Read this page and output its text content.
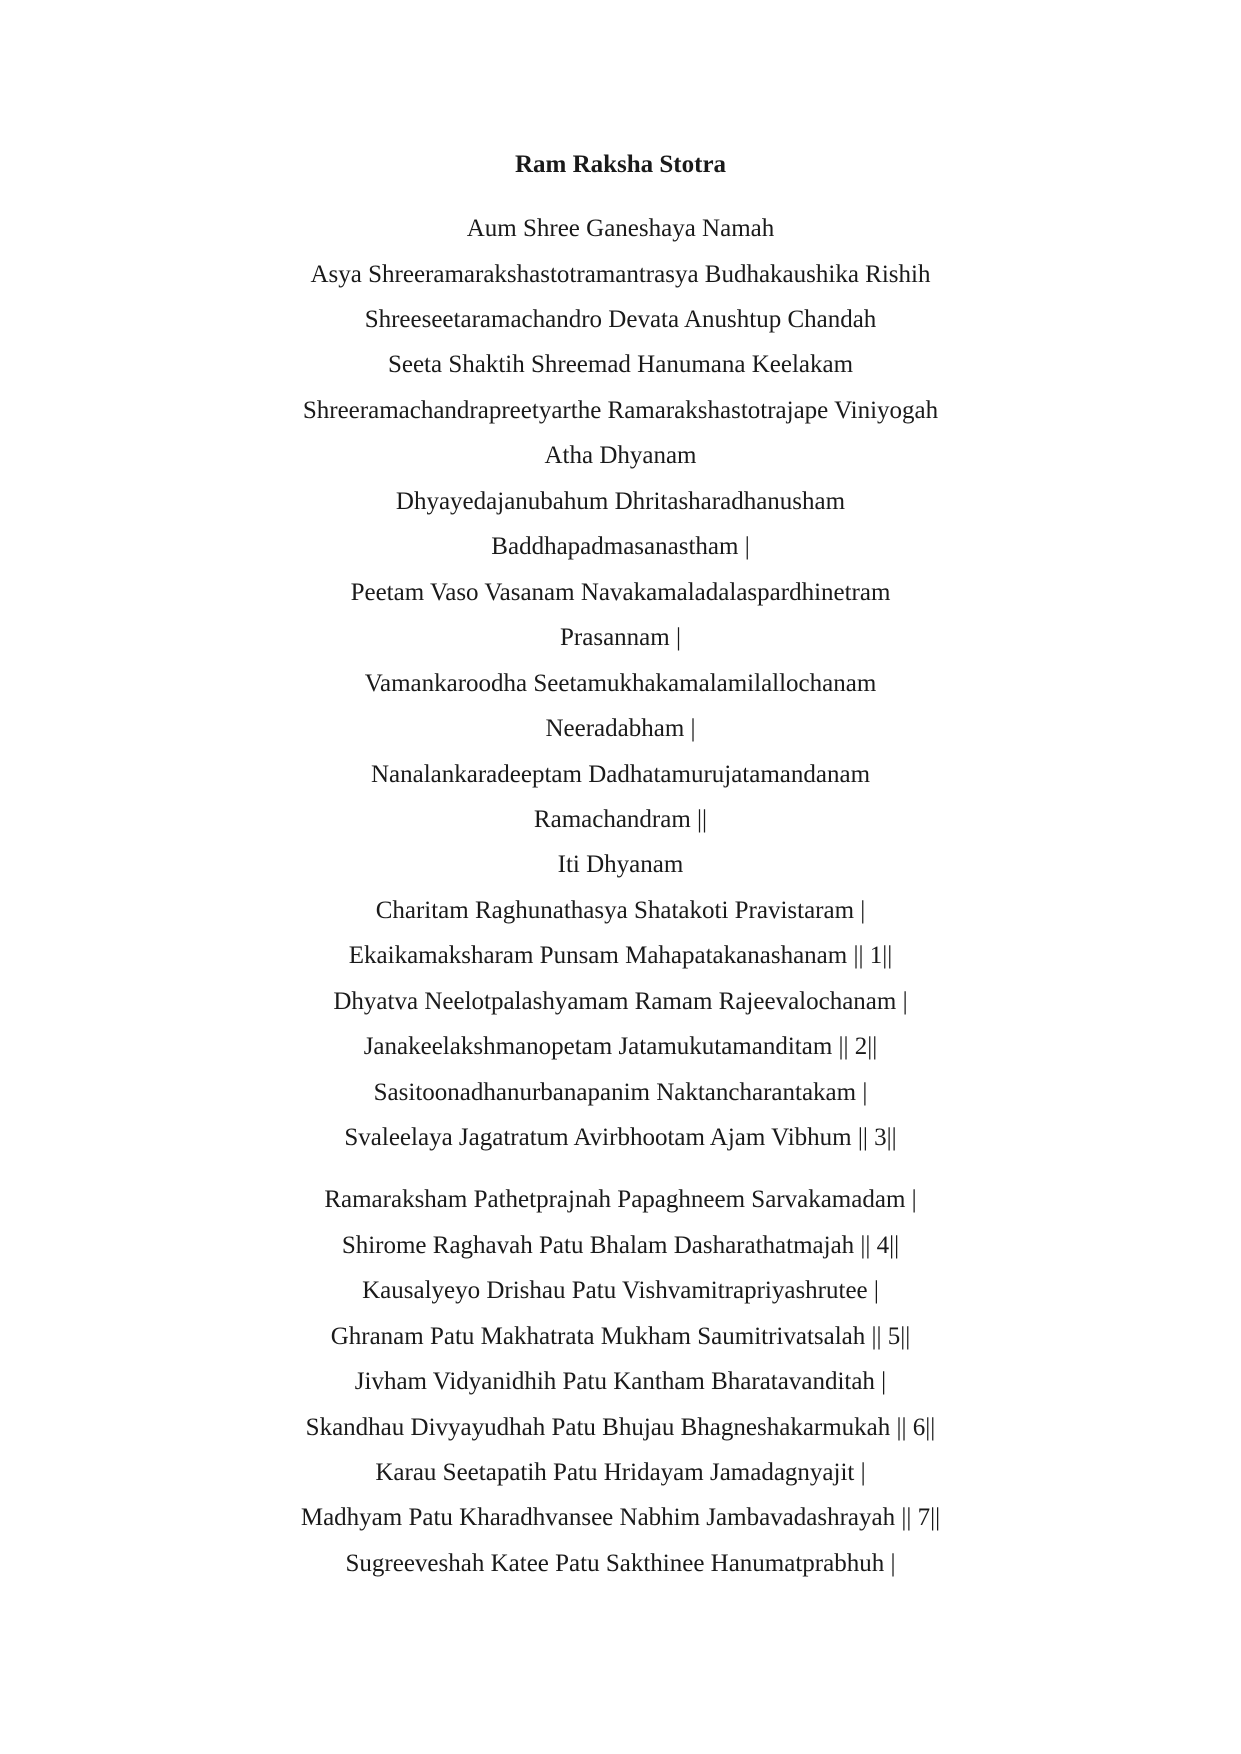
Ram Raksha Stotra
Aum Shree Ganeshaya Namah
Asya Shreeramarakshastotramantrasya Budhakaushika Rishih
Shreeseetaramachandro Devata Anushtup Chandah
Seeta Shaktih Shreemad Hanumana Keelakam
Shreeramachandrapreetyarthe Ramarakshastotrajape Viniyogah
Atha Dhyanam
Dhyayedajanubahum Dhritasharadhanusham
Baddhapadmasanastham |
Peetam Vaso Vasanam Navakamaladalaspardhinetram
Prasannam |
Vamankaroodha Seetamukhakamalamilallochanam
Neeradabham |
Nanalankaradeeptam Dadhatamurujatamandanam
Ramachandram ||
Iti Dhyanam
Charitam Raghunathasya Shatakoti Pravistaram |
Ekaikamaksharam Punsam Mahapatakanashanam || 1||
Dhyatva Neelotpalashyamam Ramam Rajeevalochanam |
Janakeelakshmanopetam Jatamukutamanditam || 2||
Sasitoonadhanurbanapanim Naktancharantakam |
Svaleelaya Jagatratum Avirbhootam Ajam Vibhum || 3||
Ramaraksham Pathetprajnah Papaghneem Sarvakamadam |
Shirome Raghavah Patu Bhalam Dasharathatmajah || 4||
Kausalyeyo Drishau Patu Vishvamitrapriyashrutee |
Ghranam Patu Makhatrata Mukham Saumitrivatsalah || 5||
Jivham Vidyanidhih Patu Kantham Bharatavanditah |
Skandhau Divyayudhah Patu Bhujau Bhagneshakarmukah || 6||
Karau Seetapatih Patu Hridayam Jamadagnyajit |
Madhyam Patu Kharadhvansee Nabhim Jambavadashrayah || 7||
Sugreeveshah Katee Patu Sakthinee Hanumatprabhuh |
